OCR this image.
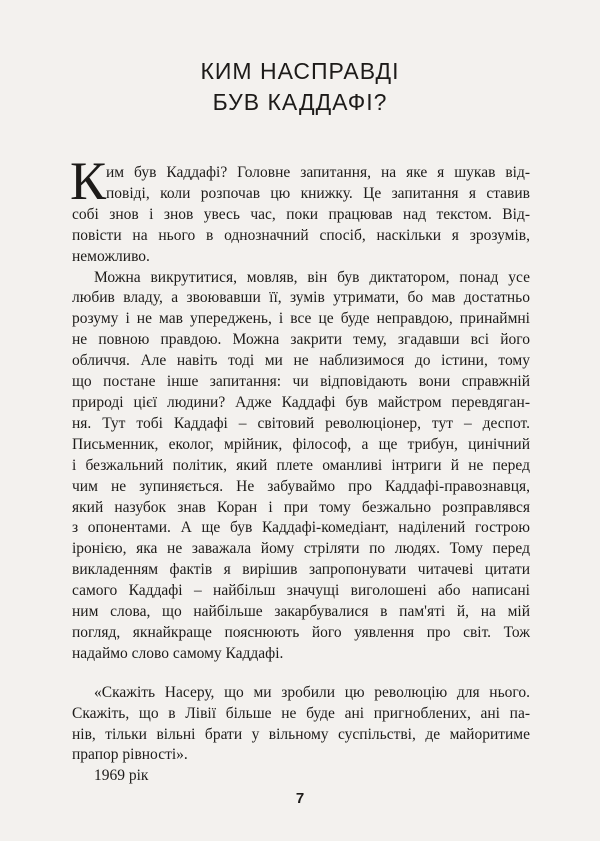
КИМ НАСПРАВДІ
БУВ КАДДАФІ?
К им був Каддафі? Головне запитання, на яке я шукав від-
повіді, коли розпочав цю книжку. Це запитання я ставив
собі знов і знов увесь час, поки працював над текстом. Від-
повісти на нього в однозначний спосіб, наскільки я зрозумів,
неможливо.
Можна викрутитися, мовляв, він був диктатором, понад усе
любив владу, а звоювавши її, зумів утримати, бо мав достатньо
розуму і не мав упереджень, і все це буде неправдою, принаймні
не повною правдою. Можна закрити тему, згадавши всі його
обличчя. Але навіть тоді ми не наблизимося до істини, тому
що постане інше запитання: чи відповідають вони справжній
природі цієї людини? Адже Каддафі був майстром перевдяган-
ня. Тут тобі Каддафі – світовий революціонер, тут – деспот.
Письменник, еколог, мрійник, філософ, а ще трибун, цинічний
і безжальний політик, який плете оманливі інтриги й не перед
чим не зупиняється. Не забуваймо про Каддафі-правознавця,
який назубок знав Коран і при тому безжально розправлявся
з опонентами. А ще був Каддафі-комедіант, наділений гострою
іронією, яка не заважала йому стріляти по людях. Тому перед
викладенням фактів я вирішив запропонувати читачеві цитати
самого Каддафі – найбільш значущі виголошені або написані
ним слова, що найбільше закарбувалися в пам'яті й, на мій
погляд, якнайкраще пояснюють його уявлення про світ. Тож
надаймо слово самому Каддафі.
«Скажіть Насеру, що ми зробили цю революцію для нього.
Скажіть, що в Лівії більше не буде ані пригноблених, ані па-
нів, тільки вільні брати у вільному суспільстві, де майоритиме
прапор рівності».
1969 рік
7
